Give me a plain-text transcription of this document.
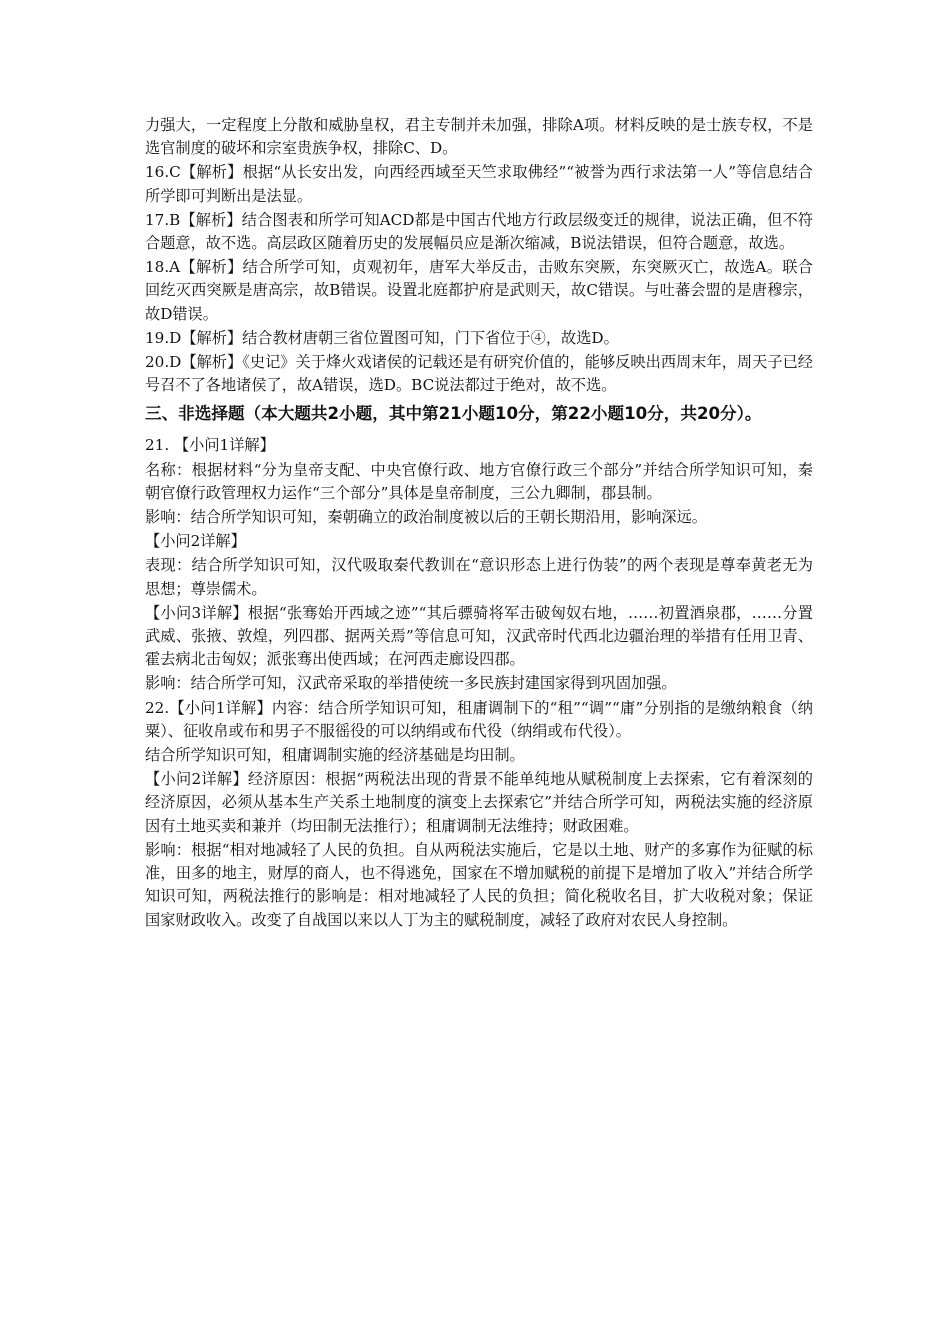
力强大，一定程度上分散和威胁皇权，君主专制并未加强，排除A项。材料反映的是士族专权，不是选官制度的破坏和宗室贵族争权，排除C、D。

16.C【解析】根据“从长安出发，向西经西域至天竺求取佛经”“被誉为西行求法第一人”等信息结合所学即可判断出是法显。

17.B【解析】结合图表和所学可知ACD都是中国古代地方行政层级变迁的规律，说法正确，但不符合题意，故不选。高层政区随着历史的发展幅员应是渐次缩减，B说法错误，但符合题意，故选。

18.A【解析】结合所学可知，贞观初年，唐军大举反击，击败东突厥，东突厥灭亡，故选A。联合回纥灭西突厥是唐高宗，故B错误。设置北庭都护府是武则天，故C错误。与吐蕃会盟的是唐穆宗，故D错误。

19.D【解析】结合教材唐朝三省位置图可知，门下省位于④，故选D。

20.D【解析】《史记》关于烽火戏诸侯的记载还是有研究价值的，能够反映出西周末年，周天子已经号召不了各地诸侯了，故A错误，选D。BC说法都过于绝对，故不选。

三、非选择题（本大题共2小题，其中第21小题10分，第22小题10分，共20分）。

21. 【小问1详解】

名称：根据材料“分为皇帝支配、中央官僚行政、地方官僚行政三个部分”并结合所学知识可知，秦朝官僚行政管理权力运作“三个部分”具体是皇帝制度，三公九卿制，郡县制。

影响：结合所学知识可知，秦朝确立的政治制度被以后的王朝长期沿用，影响深远。

【小问2详解】

表现：结合所学知识可知，汉代吸取秦代教训在“意识形态上进行伪装”的两个表现是尊奉黄老无为思想；尊崇儒术。

【小问3详解】根据“张骞始开西域之迹”“其后骠骑将军击破匈奴右地，……初置酒泉郡，……分置武威、张掖、敦煌，列四郡、据两关焉”等信息可知，汉武帝时代西北边疆治理的举措有任用卫青、霍去病北击匈奴；派张骞出使西域；在河西走廊设四郡。

影响：结合所学可知，汉武帝采取的举措使统一多民族封建国家得到巩固加强。

22.【小问1详解】内容：结合所学知识可知，租庸调制下的“租”“调”“庸”分别指的是缴纳粮食（纳粟）、征收帛或布和男子不服徭役的可以纳绢或布代役（纳绢或布代役）。

结合所学知识可知，租庸调制实施的经济基础是均田制。

【小问2详解】经济原因：根据“两税法出现的背景不能单纯地从赋税制度上去探索，它有着深刻的经济原因，必须从基本生产关系土地制度的演变上去探索它”并结合所学可知，两税法实施的经济原因有土地买卖和兼并（均田制无法推行）；租庸调制无法维持；财政困难。

影响：根据“相对地减轻了人民的负担。自从两税法实施后，它是以土地、财产的多寡作为征赋的标准，田多的地主，财厚的商人，也不得逃免，国家在不增加赋税的前提下是增加了收入”并结合所学知识可知，两税法推行的影响是：相对地减轻了人民的负担；简化税收名目，扩大收税对象；保证国家财政收入。改变了自战国以来以人丁为主的赋税制度，减轻了政府对农民人身控制。
